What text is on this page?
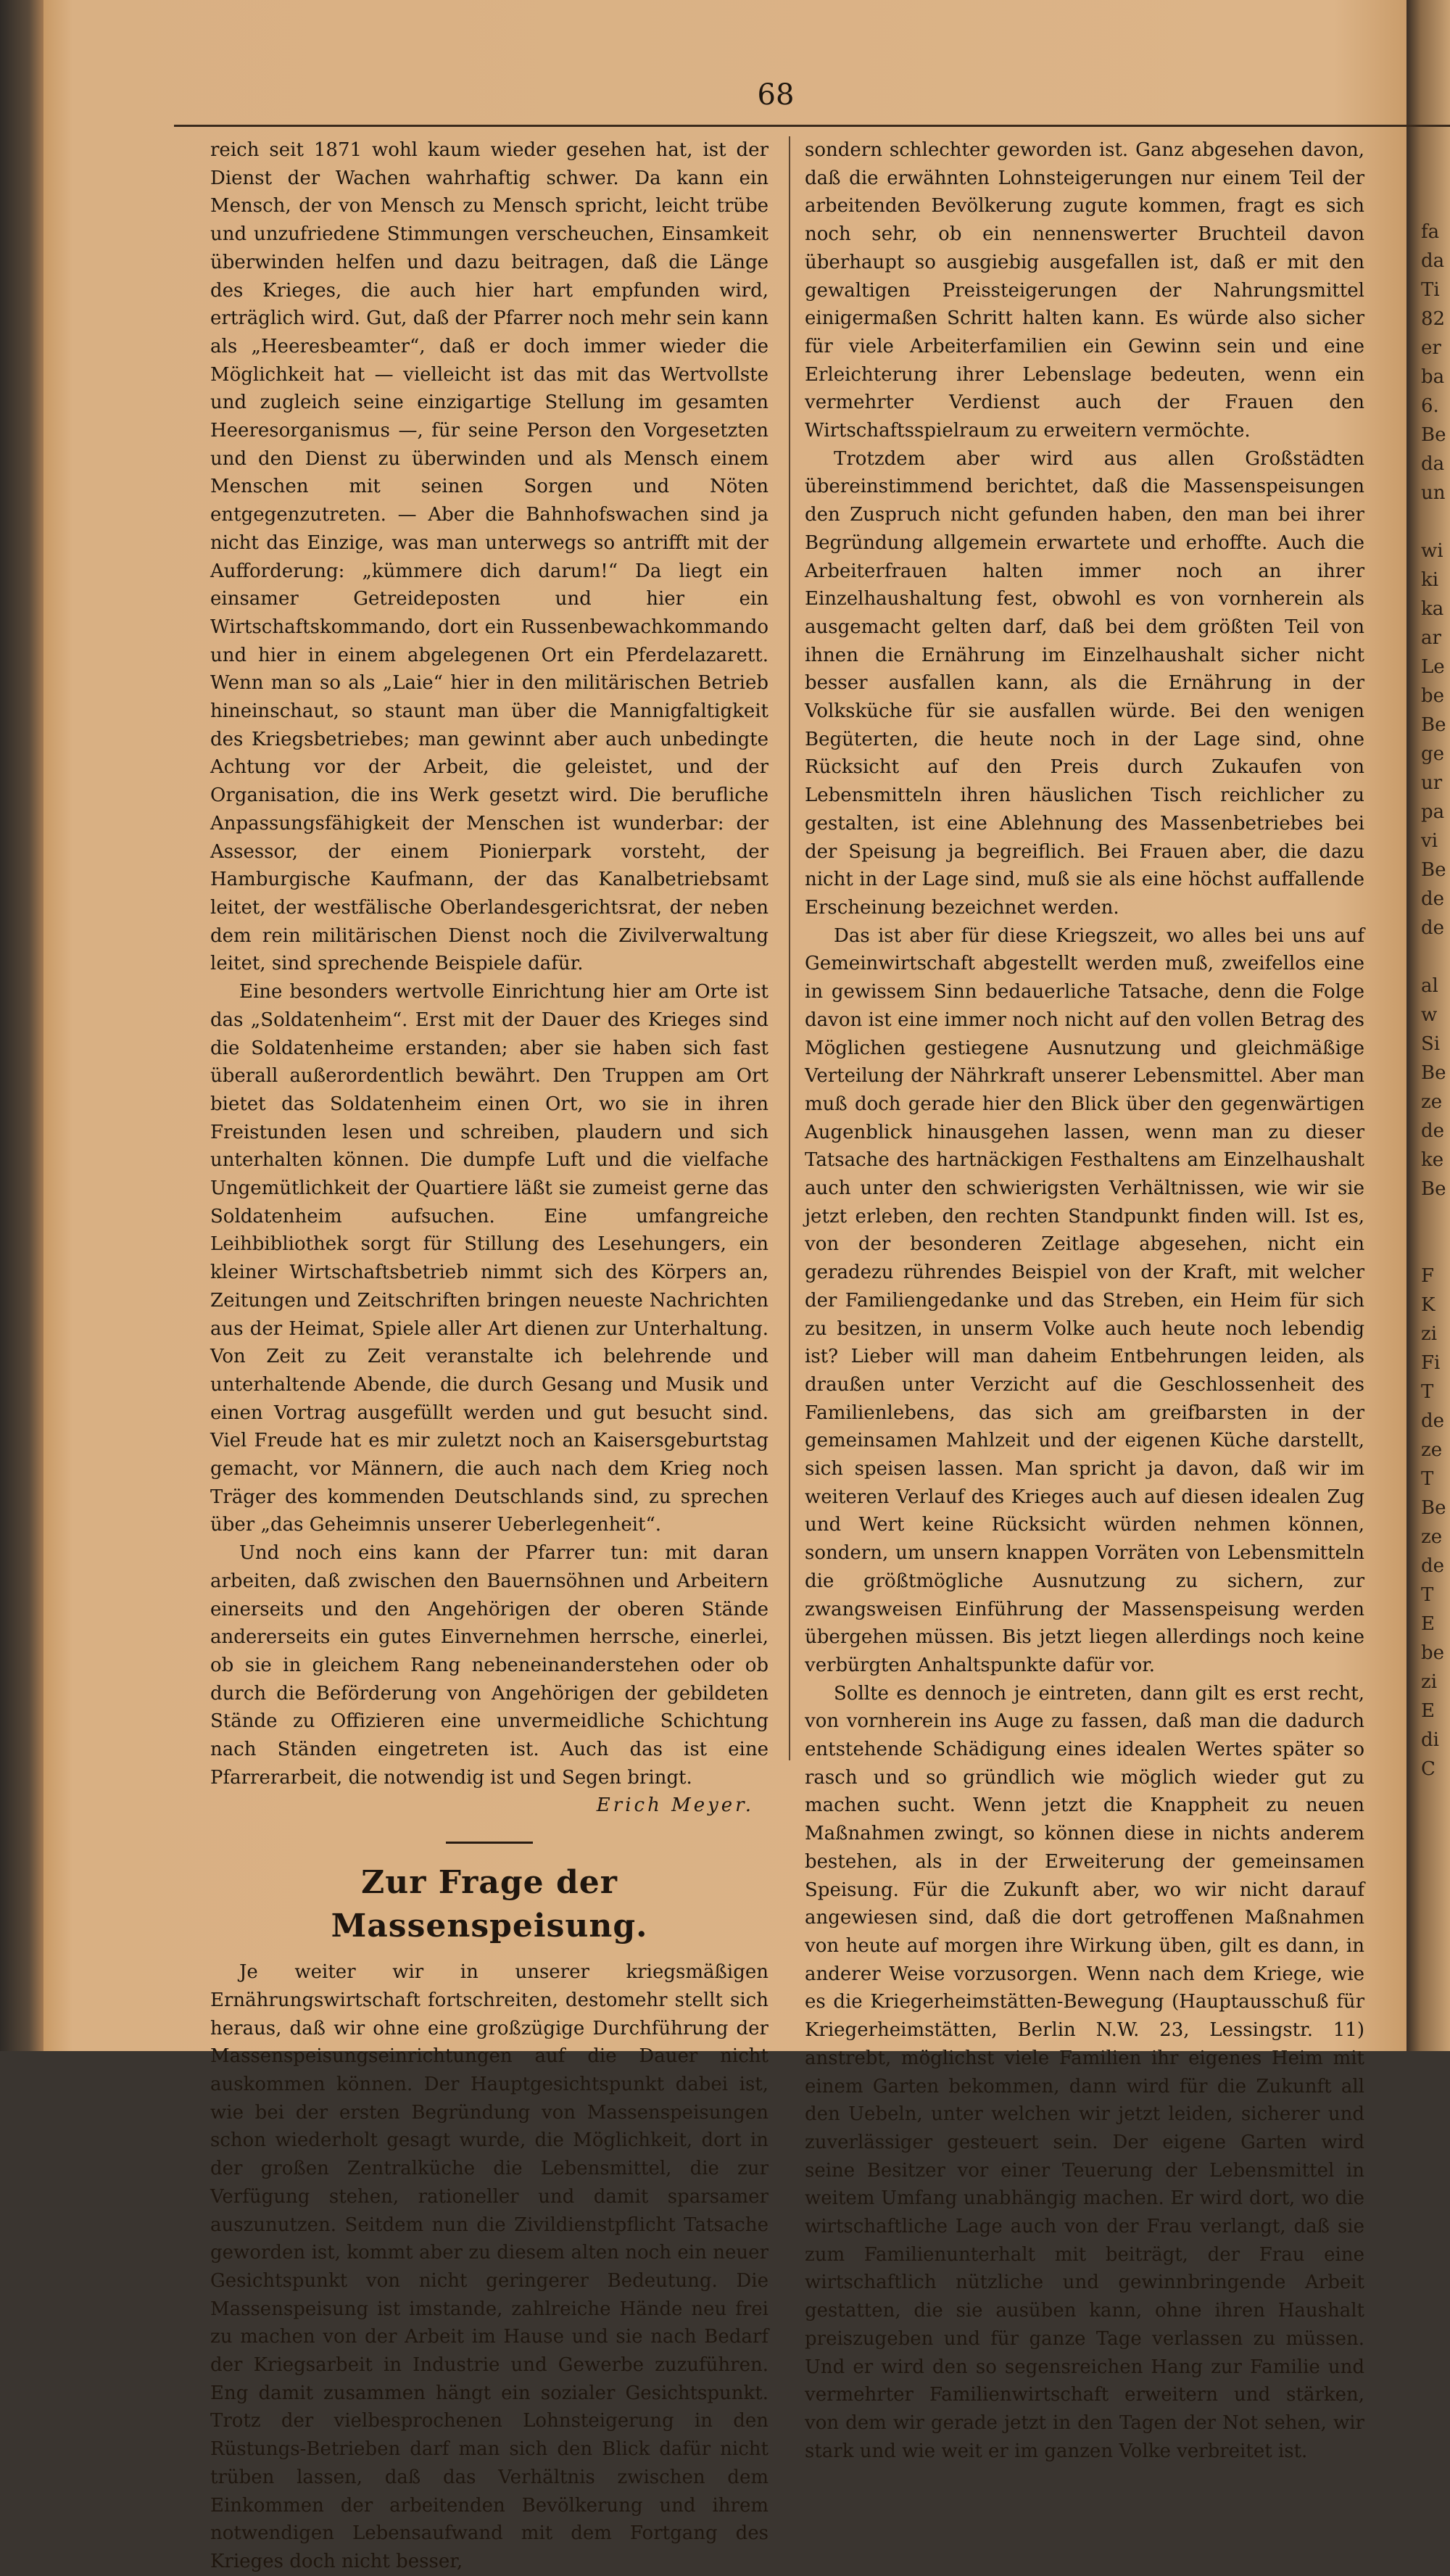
fa
da
Ti
82
er
ba
6.
Be
da
un

wi
ki
ka
ar
Le
be
Be
ge
ur
pa
vi
Be
de
de

al
w
Si
Be
ze
de
ke
Be

F
K
zi
Fi
T
de
ze
T
Be
ze
de
T
E
be
zi
E
di
C
68

reich seit 1871 wohl kaum wieder gesehen hat, ist der Dienst der Wachen wahrhaftig schwer. Da kann ein Mensch, der von Mensch zu Mensch spricht, leicht trübe und unzufriedene Stimmungen verscheuchen, Einsamkeit überwinden helfen und dazu beitragen, daß die Länge des Krieges, die auch hier hart empfunden wird, erträglich wird. Gut, daß der Pfarrer noch mehr sein kann als „Heeresbeamter“, daß er doch immer wieder die Möglichkeit hat — vielleicht ist das mit das Wertvollste und zugleich seine einzigartige Stellung im gesamten Heeresorganismus —, für seine Person den Vorgesetzten und den Dienst zu überwinden und als Mensch einem Menschen mit seinen Sorgen und Nöten entgegenzutreten. — Aber die Bahnhofswachen sind ja nicht das Einzige, was man unterwegs so antrifft mit der Aufforderung: „kümmere dich darum!“ Da liegt ein einsamer Getreideposten und hier ein Wirtschaftskommando, dort ein Russenbewachkommando und hier in einem abgelegenen Ort ein Pferdelazarett. Wenn man so als „Laie“ hier in den militärischen Betrieb hineinschaut, so staunt man über die Mannigfaltigkeit des Kriegsbetriebes; man gewinnt aber auch unbedingte Achtung vor der Arbeit, die geleistet, und der Organisation, die ins Werk gesetzt wird. Die berufliche Anpassungsfähigkeit der Menschen ist wunderbar: der Assessor, der einem Pionierpark vorsteht, der Hamburgische Kaufmann, der das Kanalbetriebsamt leitet, der westfälische Oberlandesgerichtsrat, der neben dem rein militärischen Dienst noch die Zivilverwaltung leitet, sind sprechende Beispiele dafür.

Eine besonders wertvolle Einrichtung hier am Orte ist das „Soldatenheim“. Erst mit der Dauer des Krieges sind die Soldatenheime erstanden; aber sie haben sich fast überall außerordentlich bewährt. Den Truppen am Ort bietet das Soldatenheim einen Ort, wo sie in ihren Freistunden lesen und schreiben, plaudern und sich unterhalten können. Die dumpfe Luft und die vielfache Ungemütlichkeit der Quartiere läßt sie zumeist gerne das Soldatenheim aufsuchen. Eine umfangreiche Leihbibliothek sorgt für Stillung des Lesehungers, ein kleiner Wirtschaftsbetrieb nimmt sich des Körpers an, Zeitungen und Zeitschriften bringen neueste Nachrichten aus der Heimat, Spiele aller Art dienen zur Unterhaltung. Von Zeit zu Zeit veranstalte ich belehrende und unterhaltende Abende, die durch Gesang und Musik und einen Vortrag ausgefüllt werden und gut besucht sind. Viel Freude hat es mir zuletzt noch an Kaisersgeburtstag gemacht, vor Männern, die auch nach dem Krieg noch Träger des kommenden Deutschlands sind, zu sprechen über „das Geheimnis unserer Ueberlegenheit“.

Und noch eins kann der Pfarrer tun: mit daran arbeiten, daß zwischen den Bauernsöhnen und Arbeitern einerseits und den Angehörigen der oberen Stände andererseits ein gutes Einvernehmen herrsche, einerlei, ob sie in gleichem Rang nebeneinanderstehen oder ob durch die Beförderung von Angehörigen der gebildeten Stände zu Offizieren eine unvermeidliche Schichtung nach Ständen eingetreten ist. Auch das ist eine Pfarrerarbeit, die notwendig ist und Segen bringt.

Erich Meyer.

Zur Frage der Massenspeisung.

Je weiter wir in unserer kriegsmäßigen Ernährungswirtschaft fortschreiten, destomehr stellt sich heraus, daß wir ohne eine großzügige Durchführung der Massenspeisungseinrichtungen auf die Dauer nicht auskommen können. Der Hauptgesichtspunkt dabei ist, wie bei der ersten Begründung von Massenspeisungen schon wiederholt gesagt wurde, die Möglichkeit, dort in der großen Zentralküche die Lebensmittel, die zur Verfügung stehen, rationeller und damit sparsamer auszunutzen. Seitdem nun die Zivildienstpflicht Tatsache geworden ist, kommt aber zu diesem alten noch ein neuer Gesichtspunkt von nicht geringerer Bedeutung. Die Massenspeisung ist imstande, zahlreiche Hände neu frei zu machen von der Arbeit im Hause und sie nach Bedarf der Kriegsarbeit in Industrie und Gewerbe zuzuführen. Eng damit zusammen hängt ein sozialer Gesichtspunkt. Trotz der vielbesprochenen Lohnsteigerung in den Rüstungs-Betrieben darf man sich den Blick dafür nicht trüben lassen, daß das Verhältnis zwischen dem Einkommen der arbeitenden Bevölkerung und ihrem notwendigen Lebensaufwand mit dem Fortgang des Krieges doch nicht besser,

sondern schlechter geworden ist. Ganz abgesehen davon, daß die erwähnten Lohnsteigerungen nur einem Teil der arbeitenden Bevölkerung zugute kommen, fragt es sich noch sehr, ob ein nennenswerter Bruchteil davon überhaupt so ausgiebig ausgefallen ist, daß er mit den gewaltigen Preissteigerungen der Nahrungsmittel einigermaßen Schritt halten kann. Es würde also sicher für viele Arbeiterfamilien ein Gewinn sein und eine Erleichterung ihrer Lebenslage bedeuten, wenn ein vermehrter Verdienst auch der Frauen den Wirtschaftsspielraum zu erweitern vermöchte.

Trotzdem aber wird aus allen Großstädten übereinstimmend berichtet, daß die Massenspeisungen den Zuspruch nicht gefunden haben, den man bei ihrer Begründung allgemein erwartete und erhoffte. Auch die Arbeiterfrauen halten immer noch an ihrer Einzelhaushaltung fest, obwohl es von vornherein als ausgemacht gelten darf, daß bei dem größten Teil von ihnen die Ernährung im Einzelhaushalt sicher nicht besser ausfallen kann, als die Ernährung in der Volksküche für sie ausfallen würde. Bei den wenigen Begüterten, die heute noch in der Lage sind, ohne Rücksicht auf den Preis durch Zukaufen von Lebensmitteln ihren häuslichen Tisch reichlicher zu gestalten, ist eine Ablehnung des Massenbetriebes bei der Speisung ja begreiflich. Bei Frauen aber, die dazu nicht in der Lage sind, muß sie als eine höchst auffallende Erscheinung bezeichnet werden.

Das ist aber für diese Kriegszeit, wo alles bei uns auf Gemeinwirtschaft abgestellt werden muß, zweifellos eine in gewissem Sinn bedauerliche Tatsache, denn die Folge davon ist eine immer noch nicht auf den vollen Betrag des Möglichen gestiegene Ausnutzung und gleichmäßige Verteilung der Nährkraft unserer Lebensmittel. Aber man muß doch gerade hier den Blick über den gegenwärtigen Augenblick hinausgehen lassen, wenn man zu dieser Tatsache des hartnäckigen Festhaltens am Einzelhaushalt auch unter den schwierigsten Verhältnissen, wie wir sie jetzt erleben, den rechten Standpunkt finden will. Ist es, von der besonderen Zeitlage abgesehen, nicht ein geradezu rührendes Beispiel von der Kraft, mit welcher der Familiengedanke und das Streben, ein Heim für sich zu besitzen, in unserm Volke auch heute noch lebendig ist? Lieber will man daheim Entbehrungen leiden, als draußen unter Verzicht auf die Geschlossenheit des Familienlebens, das sich am greifbarsten in der gemeinsamen Mahlzeit und der eigenen Küche darstellt, sich speisen lassen. Man spricht ja davon, daß wir im weiteren Verlauf des Krieges auch auf diesen idealen Zug und Wert keine Rücksicht würden nehmen können, sondern, um unsern knappen Vorräten von Lebensmitteln die größtmögliche Ausnutzung zu sichern, zur zwangsweisen Einführung der Massenspeisung werden übergehen müssen. Bis jetzt liegen allerdings noch keine verbürgten Anhaltspunkte dafür vor.

Sollte es dennoch je eintreten, dann gilt es erst recht, von vornherein ins Auge zu fassen, daß man die dadurch entstehende Schädigung eines idealen Wertes später so rasch und so gründlich wie möglich wieder gut zu machen sucht. Wenn jetzt die Knappheit zu neuen Maßnahmen zwingt, so können diese in nichts anderem bestehen, als in der Erweiterung der gemeinsamen Speisung. Für die Zukunft aber, wo wir nicht darauf angewiesen sind, daß die dort getroffenen Maßnahmen von heute auf morgen ihre Wirkung üben, gilt es dann, in anderer Weise vorzusorgen. Wenn nach dem Kriege, wie es die Kriegerheimstätten-Bewegung (Hauptausschuß für Kriegerheimstätten, Berlin N.W. 23, Lessingstr. 11) anstrebt, möglichst viele Familien ihr eigenes Heim mit einem Garten bekommen, dann wird für die Zukunft all den Uebeln, unter welchen wir jetzt leiden, sicherer und zuverlässiger gesteuert sein. Der eigene Garten wird seine Besitzer vor einer Teuerung der Lebensmittel in weitem Umfang unabhängig machen. Er wird dort, wo die wirtschaftliche Lage auch von der Frau verlangt, daß sie zum Familienunterhalt mit beiträgt, der Frau eine wirtschaftlich nützliche und gewinnbringende Arbeit gestatten, die sie ausüben kann, ohne ihren Haushalt preiszugeben und für ganze Tage verlassen zu müssen. Und er wird den so segensreichen Hang zur Familie und vermehrter Familienwirtschaft erweitern und stärken, von dem wir gerade jetzt in den Tagen der Not sehen, wir stark und wie weit er im ganzen Volke verbreitet ist.
